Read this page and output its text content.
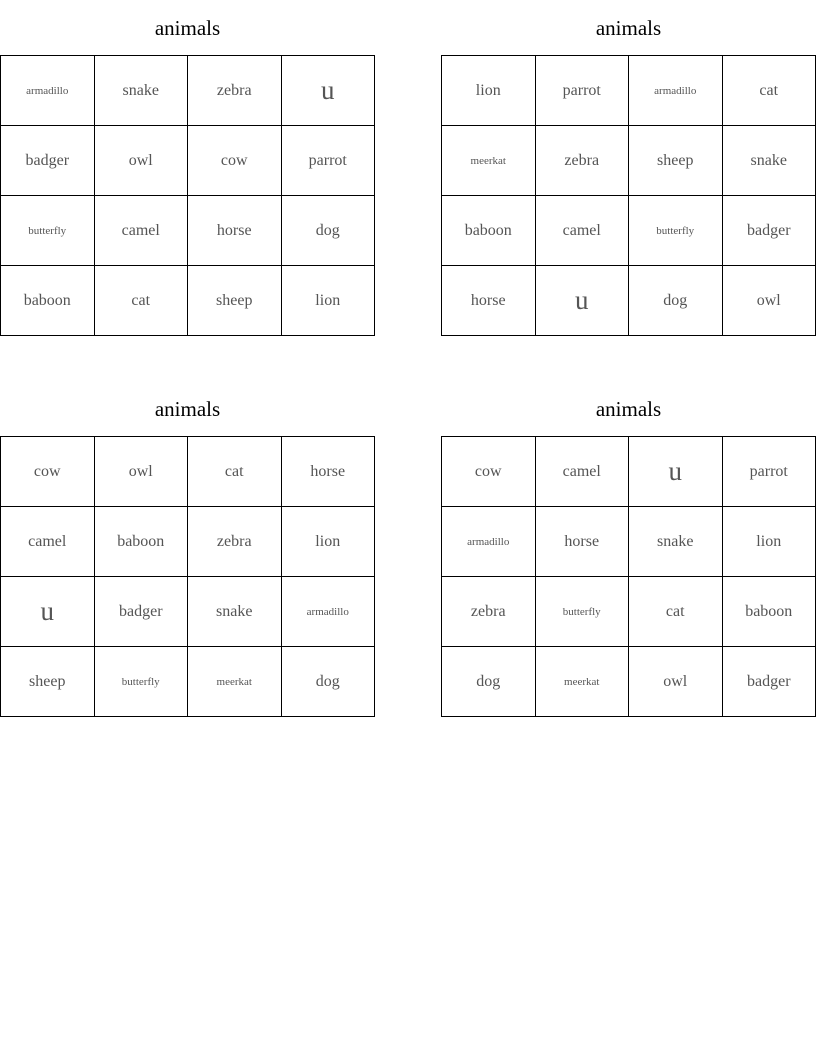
animals
armadillo	snake	zebra	u
badger	owl	cow	parrot
butterfly	camel	horse	dog
baboon	cat	sheep	lion
animals
lion	parrot	armadillo	cat
meerkat	zebra	sheep	snake
baboon	camel	butterfly	badger
horse	u	dog	owl
animals
cow	owl	cat	horse
camel	baboon	zebra	lion
u	badger	snake	armadillo
sheep	butterfly	meerkat	dog
animals
cow	camel	u	parrot
armadillo	horse	snake	lion
zebra	butterfly	cat	baboon
dog	meerkat	owl	badger
